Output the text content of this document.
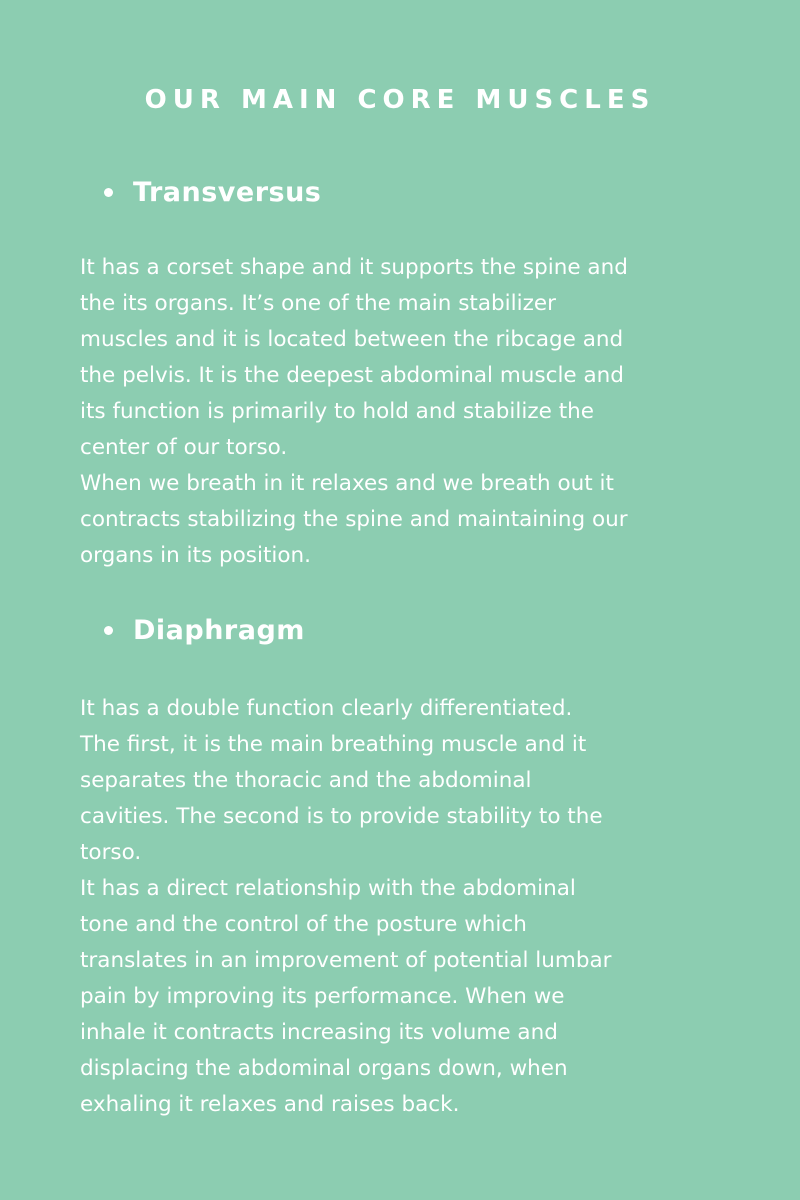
OUR MAIN CORE MUSCLES
Transversus

It has a corset shape and it supports the spine and
the its organs. It’s one of the main stabilizer
muscles and it is located between the ribcage and
the pelvis. It is the deepest abdominal muscle and
its function is primarily to hold and stabilize the
center of our torso.

When we breath in it relaxes and we breath out it
contracts stabilizing the spine and maintaining our
organs in its position.

Diaphragm

It has a double function clearly differentiated.
The first, it is the main breathing muscle and it
separates the thoracic and the abdominal
cavities. The second is to provide stability to the
torso.

It has a direct relationship with the abdominal
tone and the control of the posture which
translates in an improvement of potential lumbar
pain by improving its performance. When we
inhale it contracts increasing its volume and
displacing the abdominal organs down, when
exhaling it relaxes and raises back.
